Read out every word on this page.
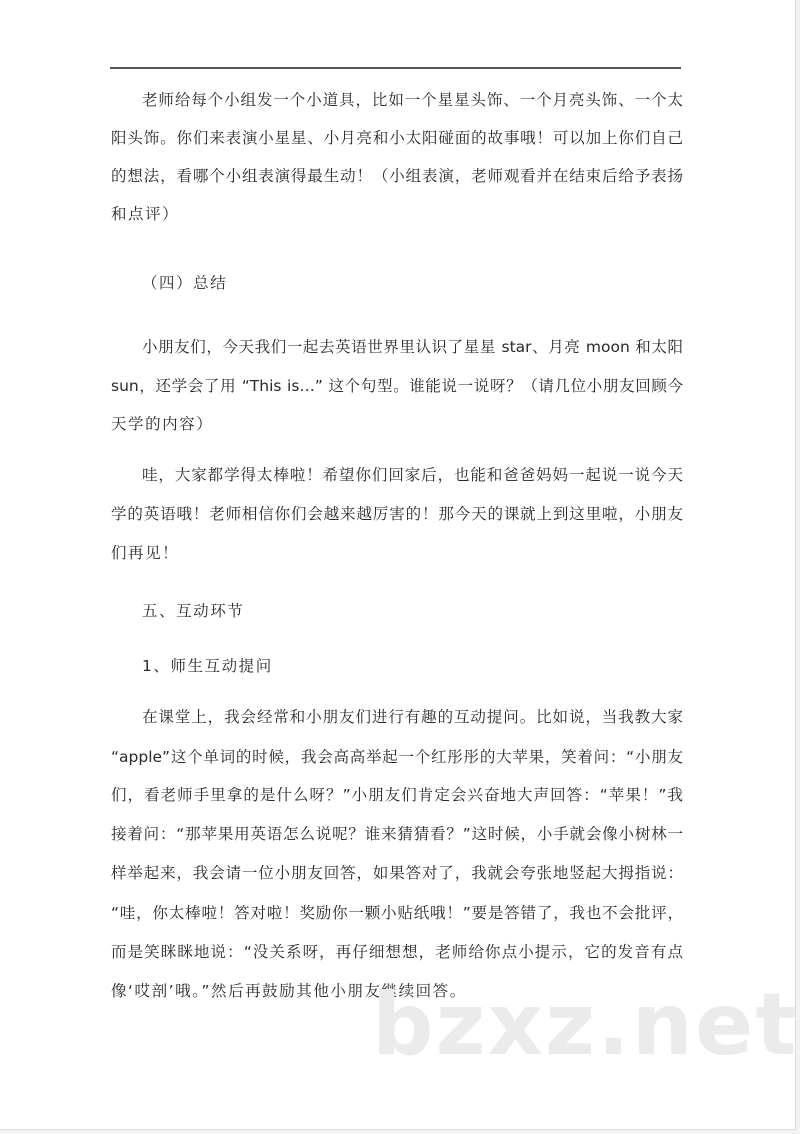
老师给每个小组发一个小道具，比如一个星星头饰、一个月亮头饰、一个太
阳头饰。你们来表演小星星、小月亮和小太阳碰面的故事哦！可以加上你们自己
的想法，看哪个小组表演得最生动！（小组表演，老师观看并在结束后给予表扬
和点评）
（四）总结
小朋友们，今天我们一起去英语世界里认识了星星 star、月亮 moon 和太阳
sun，还学会了用 “This is…” 这个句型。谁能说一说呀？（请几位小朋友回顾今
天学的内容）
哇，大家都学得太棒啦！希望你们回家后，也能和爸爸妈妈一起说一说今天
学的英语哦！老师相信你们会越来越厉害的！那今天的课就上到这里啦，小朋友
们再见！
五、互动环节
1、师生互动提问
在课堂上，我会经常和小朋友们进行有趣的互动提问。比如说，当我教大家
“apple”这个单词的时候，我会高高举起一个红彤彤的大苹果，笑着问：“小朋友
们，看老师手里拿的是什么呀？”小朋友们肯定会兴奋地大声回答：“苹果！”我
接着问：“那苹果用英语怎么说呢？谁来猜猜看？”这时候，小手就会像小树林一
样举起来，我会请一位小朋友回答，如果答对了，我就会夸张地竖起大拇指说：
“哇，你太棒啦！答对啦！奖励你一颗小贴纸哦！”要是答错了，我也不会批评，
而是笑眯眯地说：“没关系呀，再仔细想想，老师给你点小提示，它的发音有点
像‘哎剖’哦。”然后再鼓励其他小朋友继续回答。
bzxz.net
